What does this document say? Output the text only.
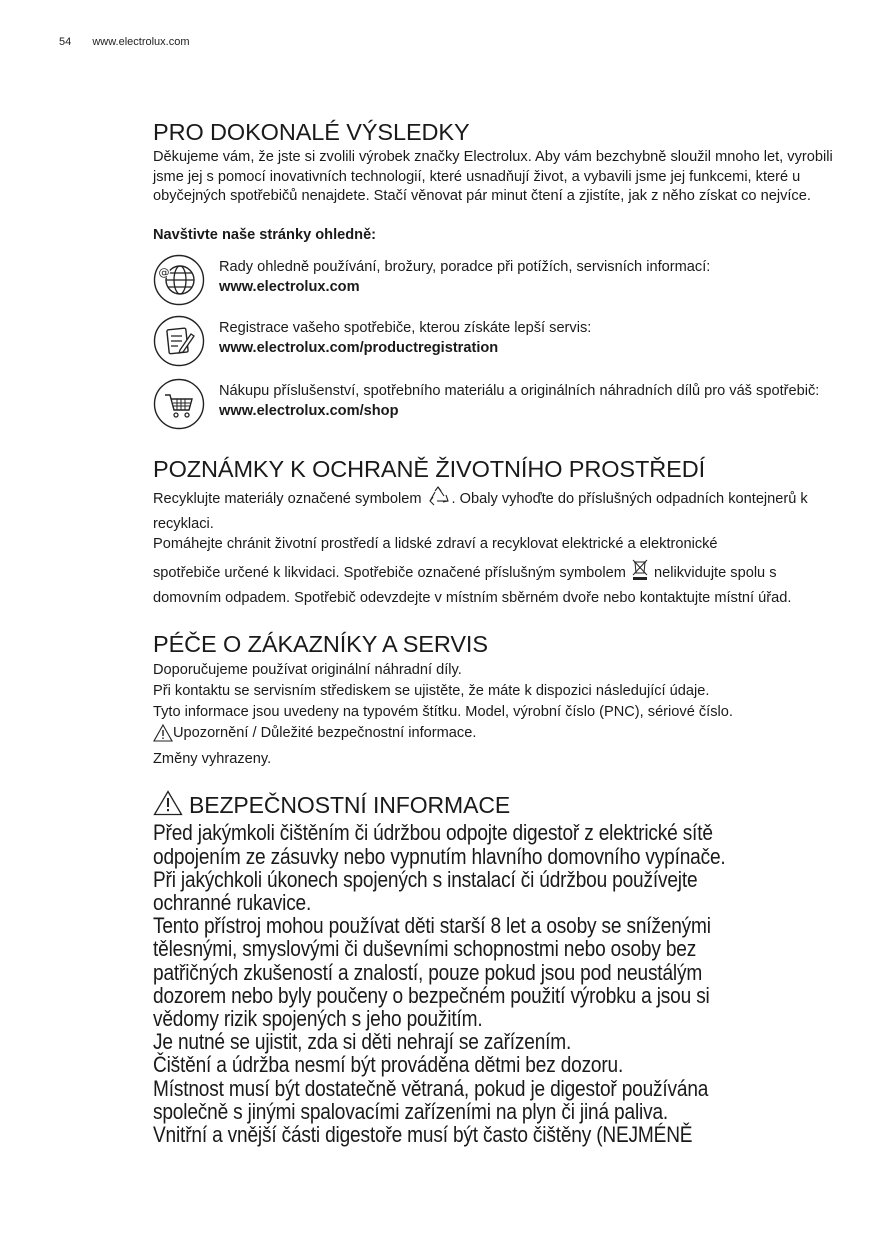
54 www.electrolux.com
PRO DOKONALÉ VÝSLEDKY

Děkujeme vám, že jste si zvolili výrobek značky Electrolux. Aby vám bezchybně sloužil mnoho let, vyrobili jsme jej s pomocí inovativních technologií, které usnadňují život, a vybavili jsme jej funkcemi, které u obyčejných spotřebičů nenajdete. Stačí věnovat pár minut čtení a zjistíte, jak z něho získat co nejvíce.

Navštivte naše stránky ohledně:

@	Rady ohledně používání, brožury, poradce při potížích, servisních informací:
www.electrolux.com
Registrace vašeho spotřebiče, kterou získáte lepší servis:
www.electrolux.com/productregistration
Nákupu příslušenství, spotřebního materiálu a originálních náhradních dílů pro váš spotřebič:
www.electrolux.com/shop
POZNÁMKY K OCHRANĚ ŽIVOTNÍHO PROSTŘEDÍ

Recyklujte materiály označené symbolem . Obaly vyhoďte do příslušných odpadních kontejnerů k recyklaci.

Pomáhejte chránit životní prostředí a lidské zdraví a recyklovat elektrické a elektronické

spotřebiče určené k likvidaci. Spotřebiče označené příslušným symbolem nelikvidujte spolu s domovním odpadem. Spotřebič odevzdejte v místním sběrném dvoře nebo kontaktujte místní úřad.

PÉČE O ZÁKAZNÍKY A SERVIS
Doporučujeme používat originální náhradní díly.
Při kontaktu se servisním střediskem se ujistěte, že máte k dispozici následující údaje.
Tyto informace jsou uvedeny na typovém štítku. Model, výrobní číslo (PNC), sériové číslo.
Upozornění / Důležité bezpečnostní informace.
Změny vyhrazeny.
BEZPEČNOSTNÍ INFORMACE
Před jakýmkoli čištěním či údržbou odpojte digestoř z elektrické sítě
odpojením ze zásuvky nebo vypnutím hlavního domovního vypínače.
Při jakýchkoli úkonech spojených s instalací či údržbou používejte
ochranné rukavice.
Tento přístroj mohou používat děti starší 8 let a osoby se sníženými
tělesnými, smyslovými či duševními schopnostmi nebo osoby bez
patřičných zkušeností a znalostí, pouze pokud jsou pod neustálým
dozorem nebo byly poučeny o bezpečném použití výrobku a jsou si
vědomy rizik spojených s jeho použitím.
Je nutné se ujistit, zda si děti nehrají se zařízením.
Čištění a údržba nesmí být prováděna dětmi bez dozoru.
Místnost musí být dostatečně větraná, pokud je digestoř používána
společně s jinými spalovacími zařízeními na plyn či jiná paliva.
Vnitřní a vnější části digestoře musí být často čištěny (NEJMÉNĚ
